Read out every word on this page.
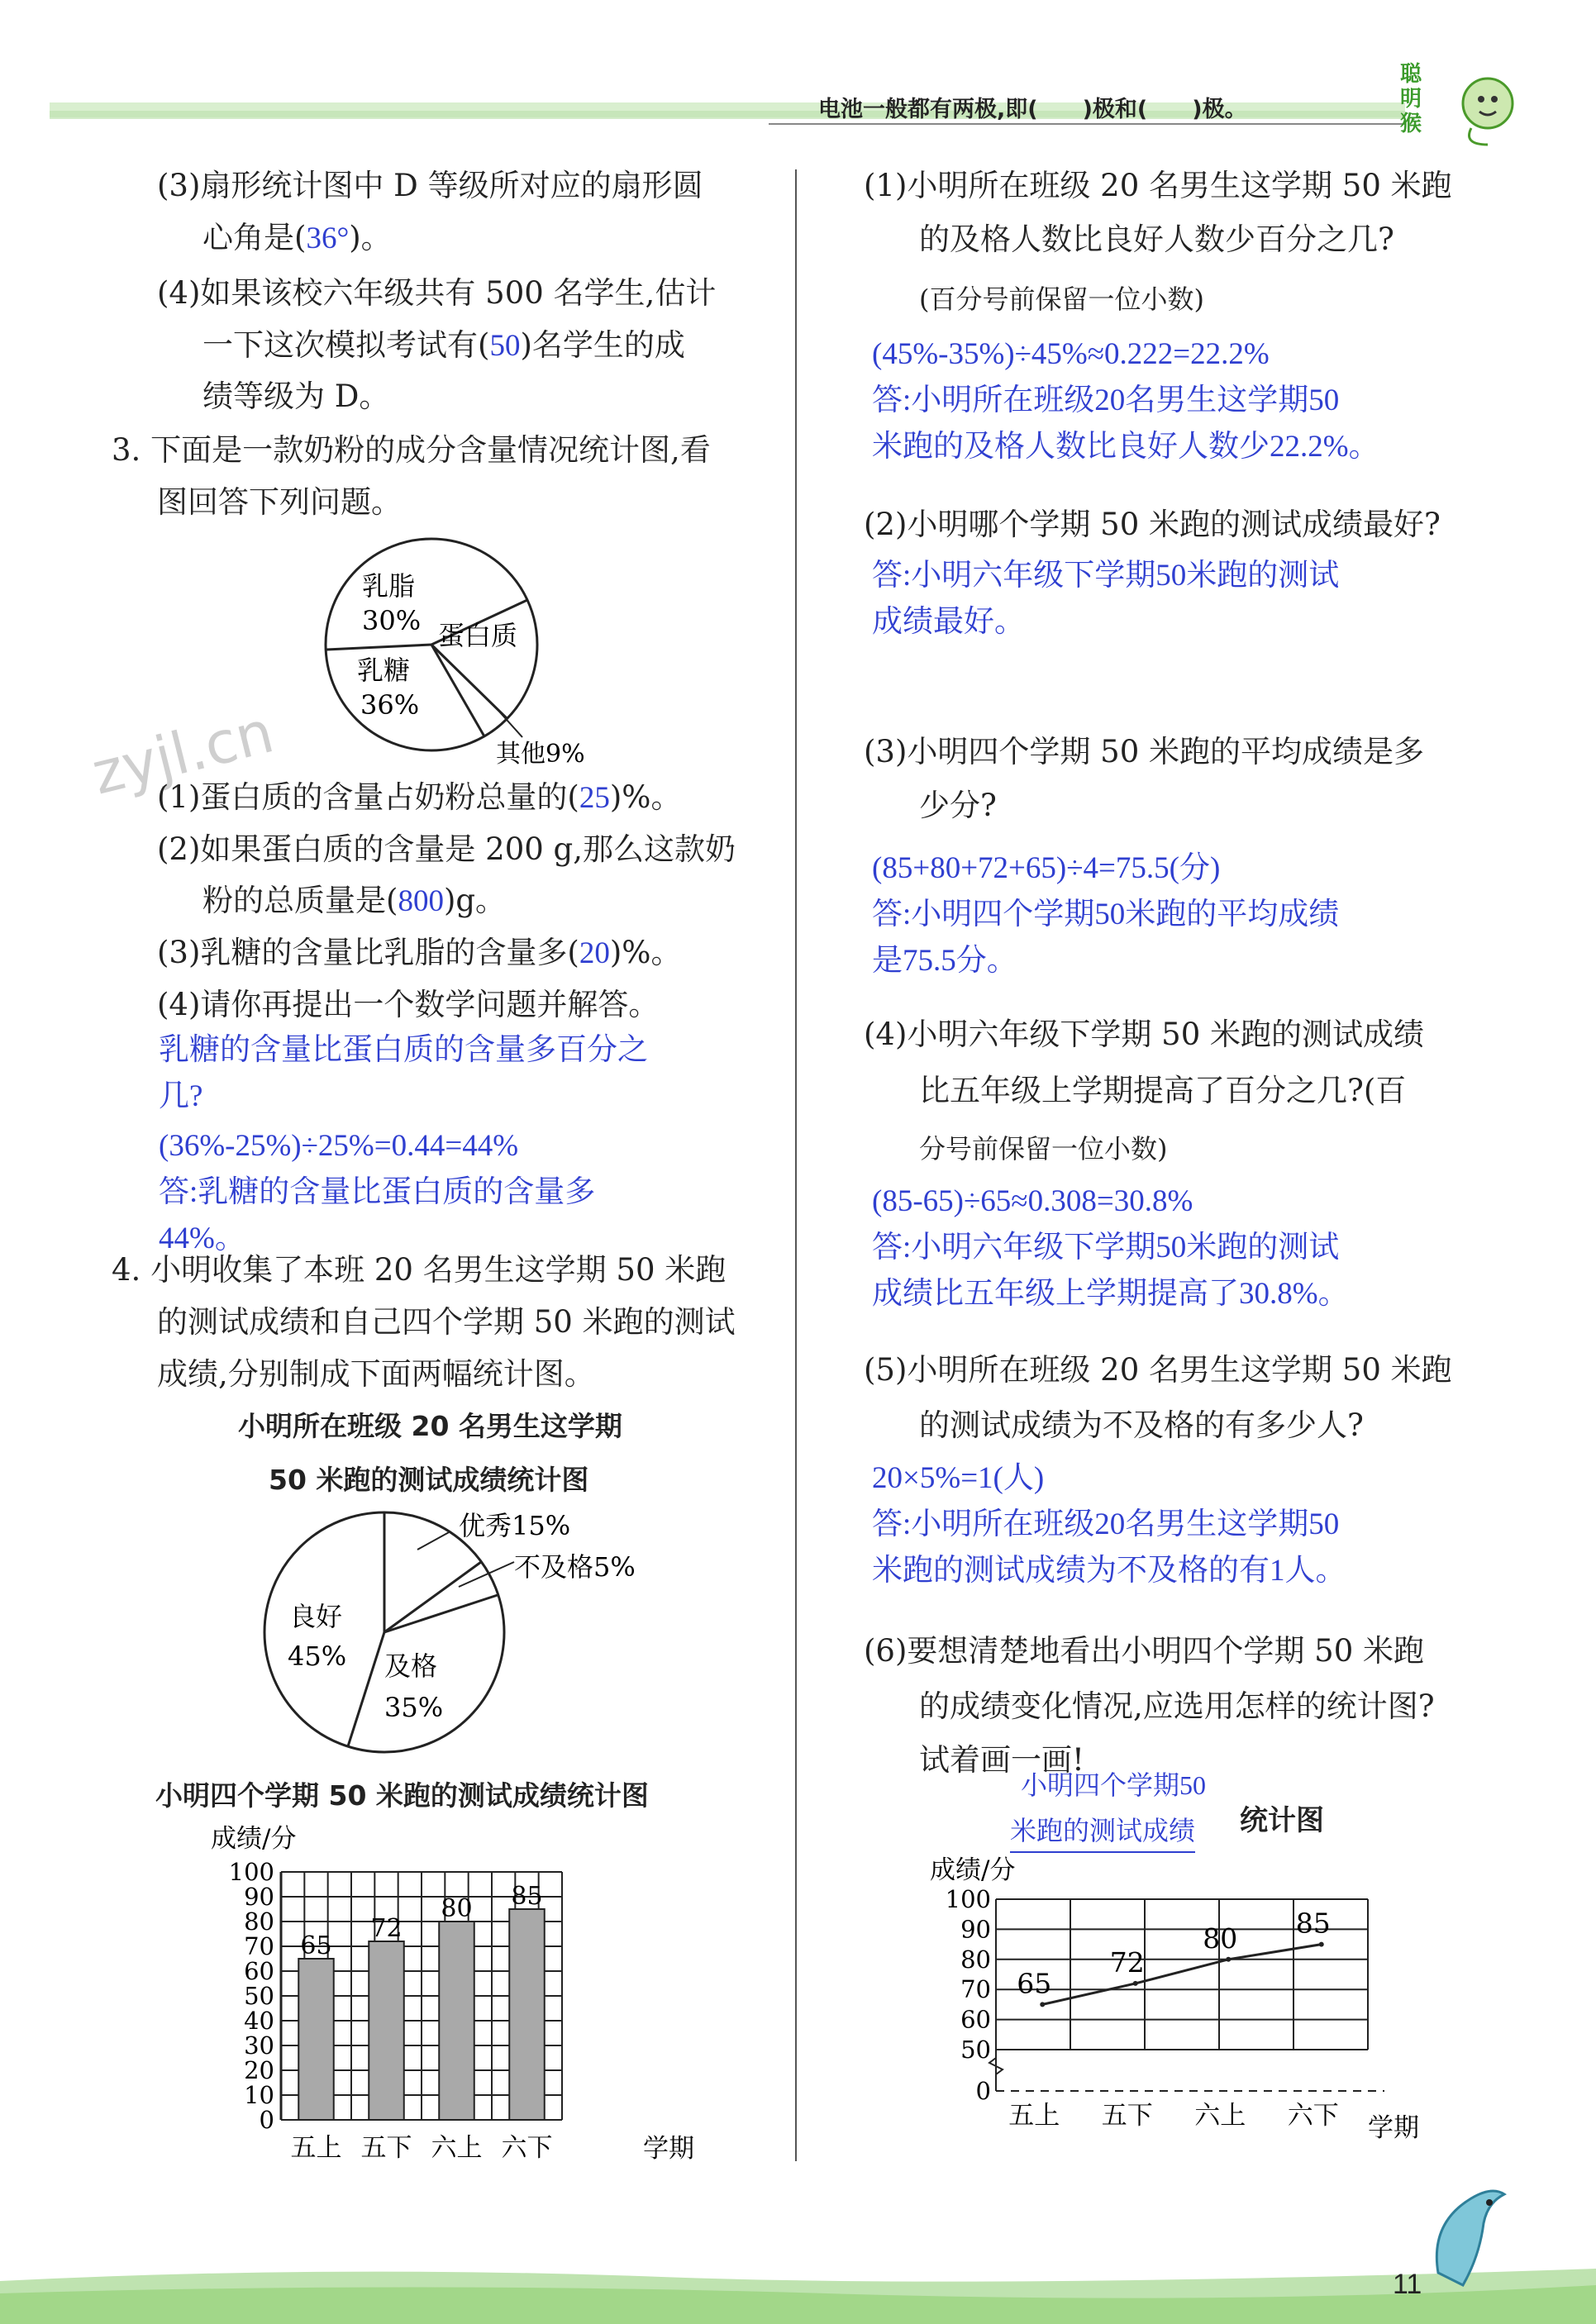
电池一般都有两极,即(　　)极和(　　)极。
聪
明
猴
zyjl.cn
(3)扇形统计图中 D 等级所对应的扇形圆
心角是(36°)。
(4)如果该校六年级共有 500 名学生,估计
一下这次模拟考试有(50)名学生的成
绩等级为 D。
3. 下面是一款奶粉的成分含量情况统计图,看
图回答下列问题。
乳脂
30% 蛋白质
乳糖
36%
其他9%
(1)蛋白质的含量占奶粉总量的(25)%。
(2)如果蛋白质的含量是 200 g,那么这款奶
粉的总质量是(800)g。
(3)乳糖的含量比乳脂的含量多(20)%。
(4)请你再提出一个数学问题并解答。
乳糖的含量比蛋白质的含量多百分之
几?
(36%-25%)÷25%=0.44=44%
答:乳糖的含量比蛋白质的含量多
44%。
4. 小明收集了本班 20 名男生这学期 50 米跑
的测试成绩和自己四个学期 50 米跑的测试
成绩,分别制成下面两幅统计图。
小明所在班级 20 名男生这学期
50 米跑的测试成绩统计图
优秀15%
不及格5%
良好
45% 及格
35%
小明四个学期 50 米跑的测试成绩统计图
成绩/分
65
72
80 85
0
10
20
30
40
50
60
70
80
90
100
五上 五下 六上 六下	学期
(1)小明所在班级 20 名男生这学期 50 米跑
的及格人数比良好人数少百分之几?
(百分号前保留一位小数)
(45%-35%)÷45%≈0.222=22.2%
答:小明所在班级20名男生这学期50
米跑的及格人数比良好人数少22.2%。
(2)小明哪个学期 50 米跑的测试成绩最好?
答:小明六年级下学期50米跑的测试
成绩最好。
(3)小明四个学期 50 米跑的平均成绩是多
少分?
(85+80+72+65)÷4=75.5(分)
答:小明四个学期50米跑的平均成绩
是75.5分。
(4)小明六年级下学期 50 米跑的测试成绩
比五年级上学期提高了百分之几?(百
分号前保留一位小数)
(85-65)÷65≈0.308=30.8%
答:小明六年级下学期50米跑的测试
成绩比五年级上学期提高了30.8%。
(5)小明所在班级 20 名男生这学期 50 米跑
的测试成绩为不及格的有多少人?
20×5%=1(人)
答:小明所在班级20名男生这学期50
米跑的测试成绩为不及格的有1人。
(6)要想清楚地看出小明四个学期 50 米跑
的成绩变化情况,应选用怎样的统计图?
试着画一画!
小明四个学期50
米跑的测试成绩 统计图
成绩/分
0
50
60
70
80
90
100
65
72
80 85
五上 五下 六上 六下 学期
11
